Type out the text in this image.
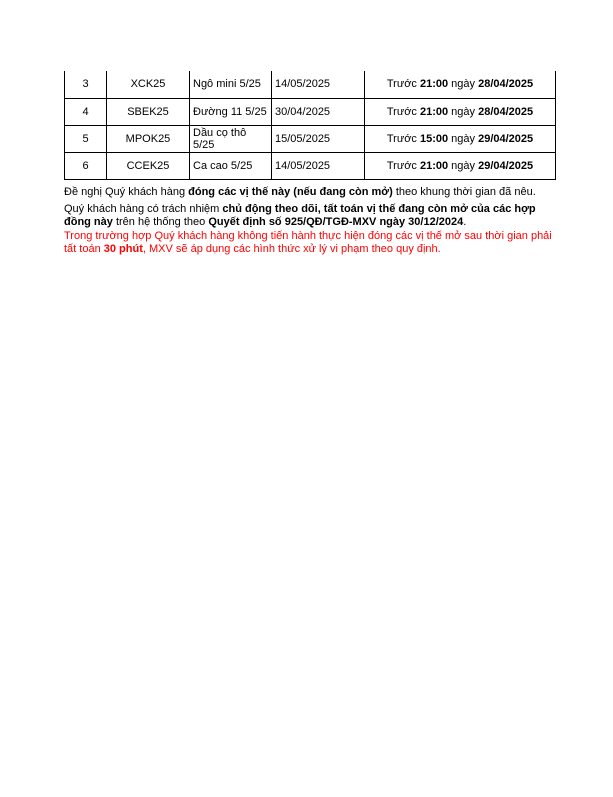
3	XCK25	Ngô mini 5/25	14/05/2025	Trước 21:00 ngày 28/04/2025
4	SBEK25	Đường 11 5/25	30/04/2025	Trước 21:00 ngày 28/04/2025
5	MPOK25	Dầu cọ thô 5/25	15/05/2025	Trước 15:00 ngày 29/04/2025
6	CCEK25	Ca cao 5/25	14/05/2025	Trước 21:00 ngày 29/04/2025

Đề nghị Quý khách hàng đóng các vị thế này (nếu đang còn mở) theo khung thời gian đã nêu.

Quý khách hàng có trách nhiệm chủ động theo dõi, tất toán vị thế đang còn mở của các hợp đồng này trên hệ thống theo Quyết định số 925/QĐ/TGĐ-MXV ngày 30/12/2024.

Trong trường hợp Quý khách hàng không tiến hành thực hiện đóng các vị thế mở sau thời gian phải tất toán 30 phút, MXV sẽ áp dụng các hình thức xử lý vi phạm theo quy định.
